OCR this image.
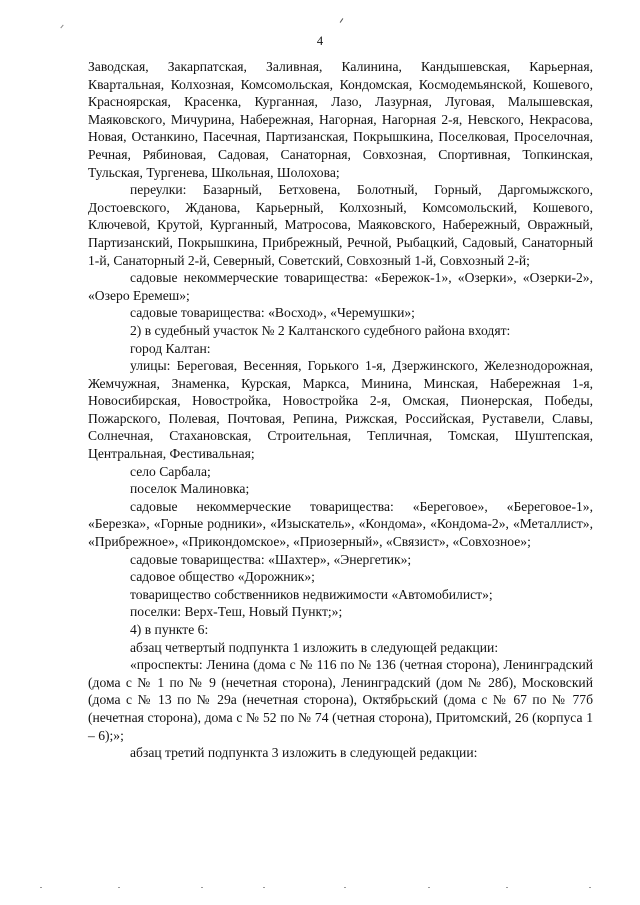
4

Заводская, Закарпатская, Заливная, Калинина, Кандышевская, Карьерная, Квартальная, Колхозная, Комсомольская, Кондомская, Космодемьянской, Кошевого, Красноярская, Красенка, Курганная, Лазо, Лазурная, Луговая, Малышевская, Маяковского, Мичурина, Набережная, Нагорная, Нагорная 2-я, Невского, Некрасова, Новая, Останкино, Пасечная, Партизанская, Покрышкина, Поселковая, Проселочная, Речная, Рябиновая, Садовая, Санаторная, Совхозная, Спортивная, Топкинская, Тульская, Тургенева, Школьная, Шолохова;

переулки: Базарный, Бетховена, Болотный, Горный, Даргомыжского, Достоевского, Жданова, Карьерный, Колхозный, Комсомольский, Кошевого, Ключевой, Крутой, Курганный, Матросова, Маяковского, Набережный, Овражный, Партизанский, Покрышкина, Прибрежный, Речной, Рыбацкий, Садовый, Санаторный 1-й, Санаторный 2-й, Северный, Советский, Совхозный 1-й, Совхозный 2-й;

садовые некоммерческие товарищества: «Бережок-1», «Озерки», «Озерки-2», «Озеро Еремеш»;

садовые товарищества: «Восход», «Черемушки»;

2) в судебный участок № 2 Калтанского судебного района входят:

город Калтан:

улицы: Береговая, Весенняя, Горького 1-я, Дзержинского, Железнодорожная, Жемчужная, Знаменка, Курская, Маркса, Минина, Минская, Набережная 1-я, Новосибирская, Новостройка, Новостройка 2-я, Омская, Пионерская, Победы, Пожарского, Полевая, Почтовая, Репина, Рижская, Российская, Руставели, Славы, Солнечная, Стахановская, Строительная, Тепличная, Томская, Шуштепская, Центральная, Фестивальная;

село Сарбала;

поселок Малиновка;

садовые некоммерческие товарищества: «Береговое», «Береговое-1», «Березка», «Горные родники», «Изыскатель», «Кондома», «Кондома-2», «Металлист», «Прибрежное», «Прикондомское», «Приозерный», «Связист», «Совхозное»;

садовые товарищества: «Шахтер», «Энергетик»;

садовое общество «Дорожник»;

товарищество собственников недвижимости «Автомобилист»;

поселки: Верх-Теш, Новый Пункт;»;

4) в пункте 6:

абзац четвертый подпункта 1 изложить в следующей редакции:

«проспекты: Ленина (дома с № 116 по № 136 (четная сторона), Ленинградский (дома с № 1 по № 9 (нечетная сторона), Ленинградский (дом № 28б), Московский (дома с № 13 по № 29а (нечетная сторона), Октябрьский (дома с № 67 по № 77б (нечетная сторона), дома с № 52 по № 74 (четная сторона), Притомский, 26 (корпуса 1 – 6);»;

абзац третий подпункта 3 изложить в следующей редакции:
